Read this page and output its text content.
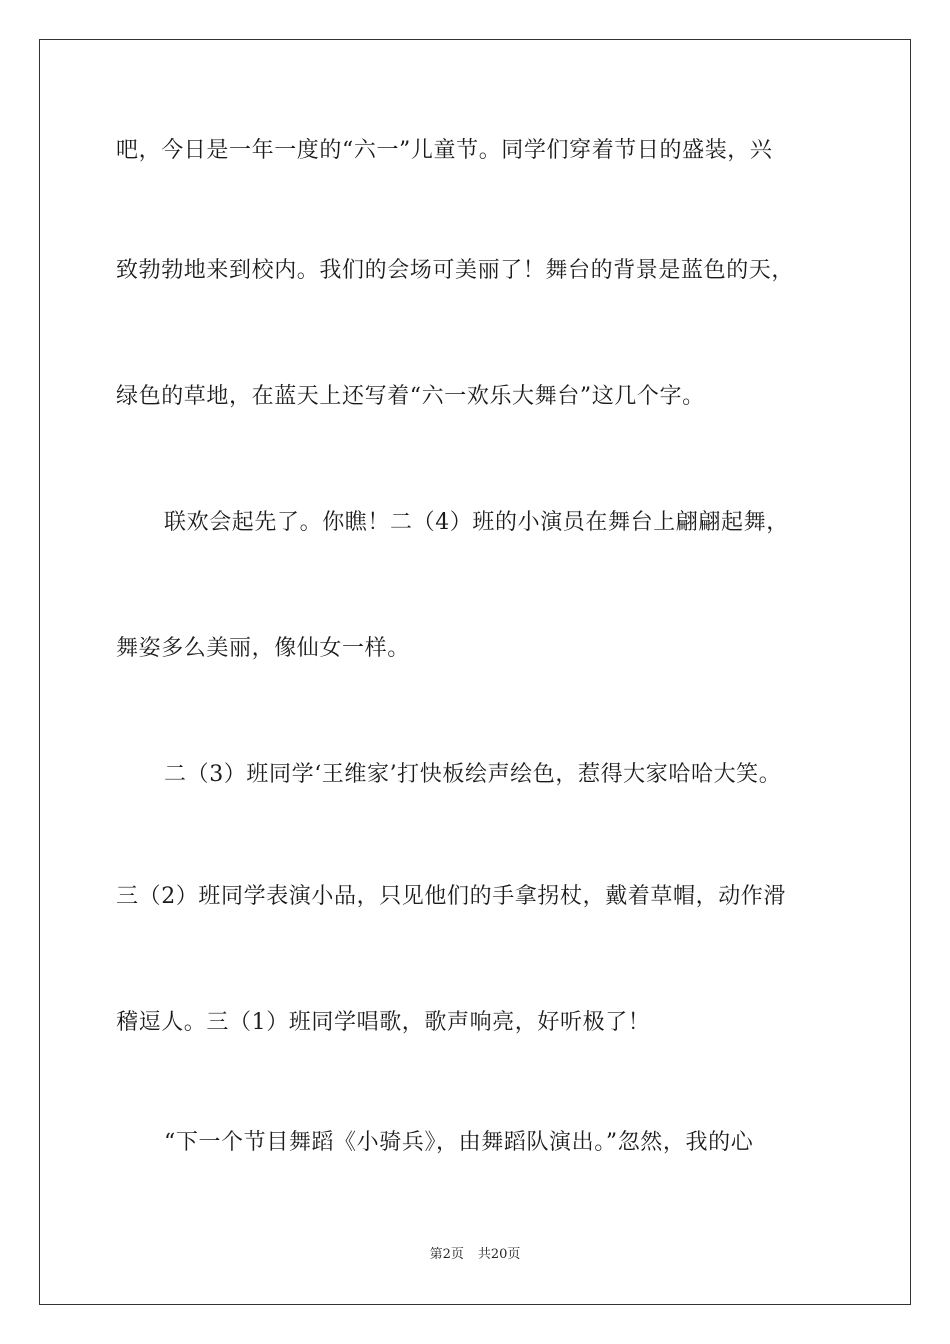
吧，今日是一年一度的“六一”儿童节。同学们穿着节日的盛装，兴
致勃勃地来到校内。我们的会场可美丽了！舞台的背景是蓝色的天，
绿色的草地，在蓝天上还写着“六一欢乐大舞台”这几个字。
联欢会起先了。你瞧！二（4）班的小演员在舞台上翩翩起舞，
舞姿多么美丽，像仙女一样。
二（3）班同学‘王维家’打快板绘声绘色，惹得大家哈哈大笑。
三（2）班同学表演小品，只见他们的手拿拐杖，戴着草帽，动作滑
稽逗人。三（1）班同学唱歌，歌声响亮，好听极了！
“下一个节目舞蹈《小骑兵》，由舞蹈队演出。”忽然，我的心
第2页 共20页
